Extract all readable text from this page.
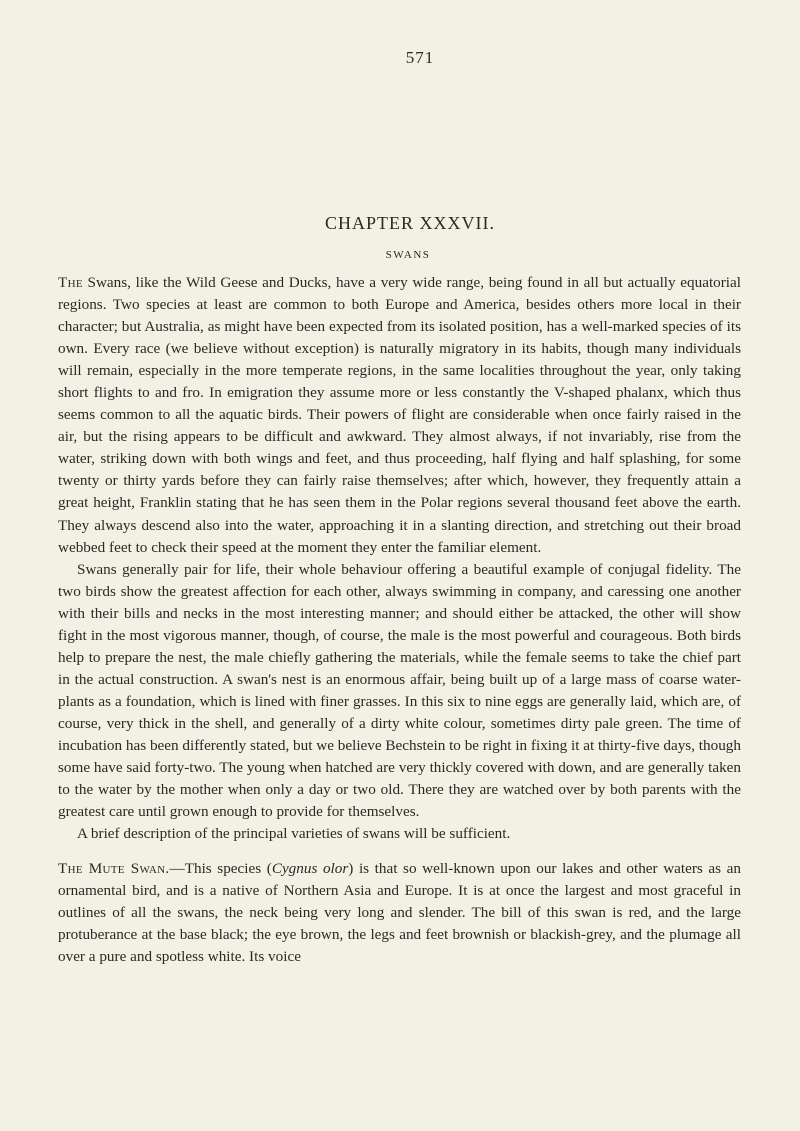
571
CHAPTER XXXVII.
SWANS

The Swans, like the Wild Geese and Ducks, have a very wide range, being found in all but actually equatorial regions. Two species at least are common to both Europe and America, besides others more local in their character; but Australia, as might have been expected from its isolated position, has a well-marked species of its own. Every race (we believe without exception) is naturally migratory in its habits, though many individuals will remain, especially in the more temperate regions, in the same localities throughout the year, only taking short flights to and fro. In emigration they assume more or less constantly the V-shaped phalanx, which thus seems common to all the aquatic birds. Their powers of flight are considerable when once fairly raised in the air, but the rising appears to be difficult and awkward. They almost always, if not invariably, rise from the water, striking down with both wings and feet, and thus proceeding, half flying and half splashing, for some twenty or thirty yards before they can fairly raise themselves; after which, however, they frequently attain a great height, Franklin stating that he has seen them in the Polar regions several thousand feet above the earth. They always descend also into the water, approaching it in a slanting direction, and stretching out their broad webbed feet to check their speed at the moment they enter the familiar element.

Swans generally pair for life, their whole behaviour offering a beautiful example of conjugal fidelity. The two birds show the greatest affection for each other, always swimming in company, and caressing one another with their bills and necks in the most interesting manner; and should either be attacked, the other will show fight in the most vigorous manner, though, of course, the male is the most powerful and courageous. Both birds help to prepare the nest, the male chiefly gathering the materials, while the female seems to take the chief part in the actual construction. A swan's nest is an enormous affair, being built up of a large mass of coarse water-plants as a foundation, which is lined with finer grasses. In this six to nine eggs are generally laid, which are, of course, very thick in the shell, and generally of a dirty white colour, sometimes dirty pale green. The time of incubation has been differently stated, but we believe Bechstein to be right in fixing it at thirty-five days, though some have said forty-two. The young when hatched are very thickly covered with down, and are generally taken to the water by the mother when only a day or two old. There they are watched over by both parents with the greatest care until grown enough to provide for themselves.

A brief description of the principal varieties of swans will be sufficient.

The Mute Swan.—This species (Cygnus olor) is that so well-known upon our lakes and other waters as an ornamental bird, and is a native of Northern Asia and Europe. It is at once the largest and most graceful in outlines of all the swans, the neck being very long and slender. The bill of this swan is red, and the large protuberance at the base black; the eye brown, the legs and feet brownish or blackish-grey, and the plumage all over a pure and spotless white. Its voice
